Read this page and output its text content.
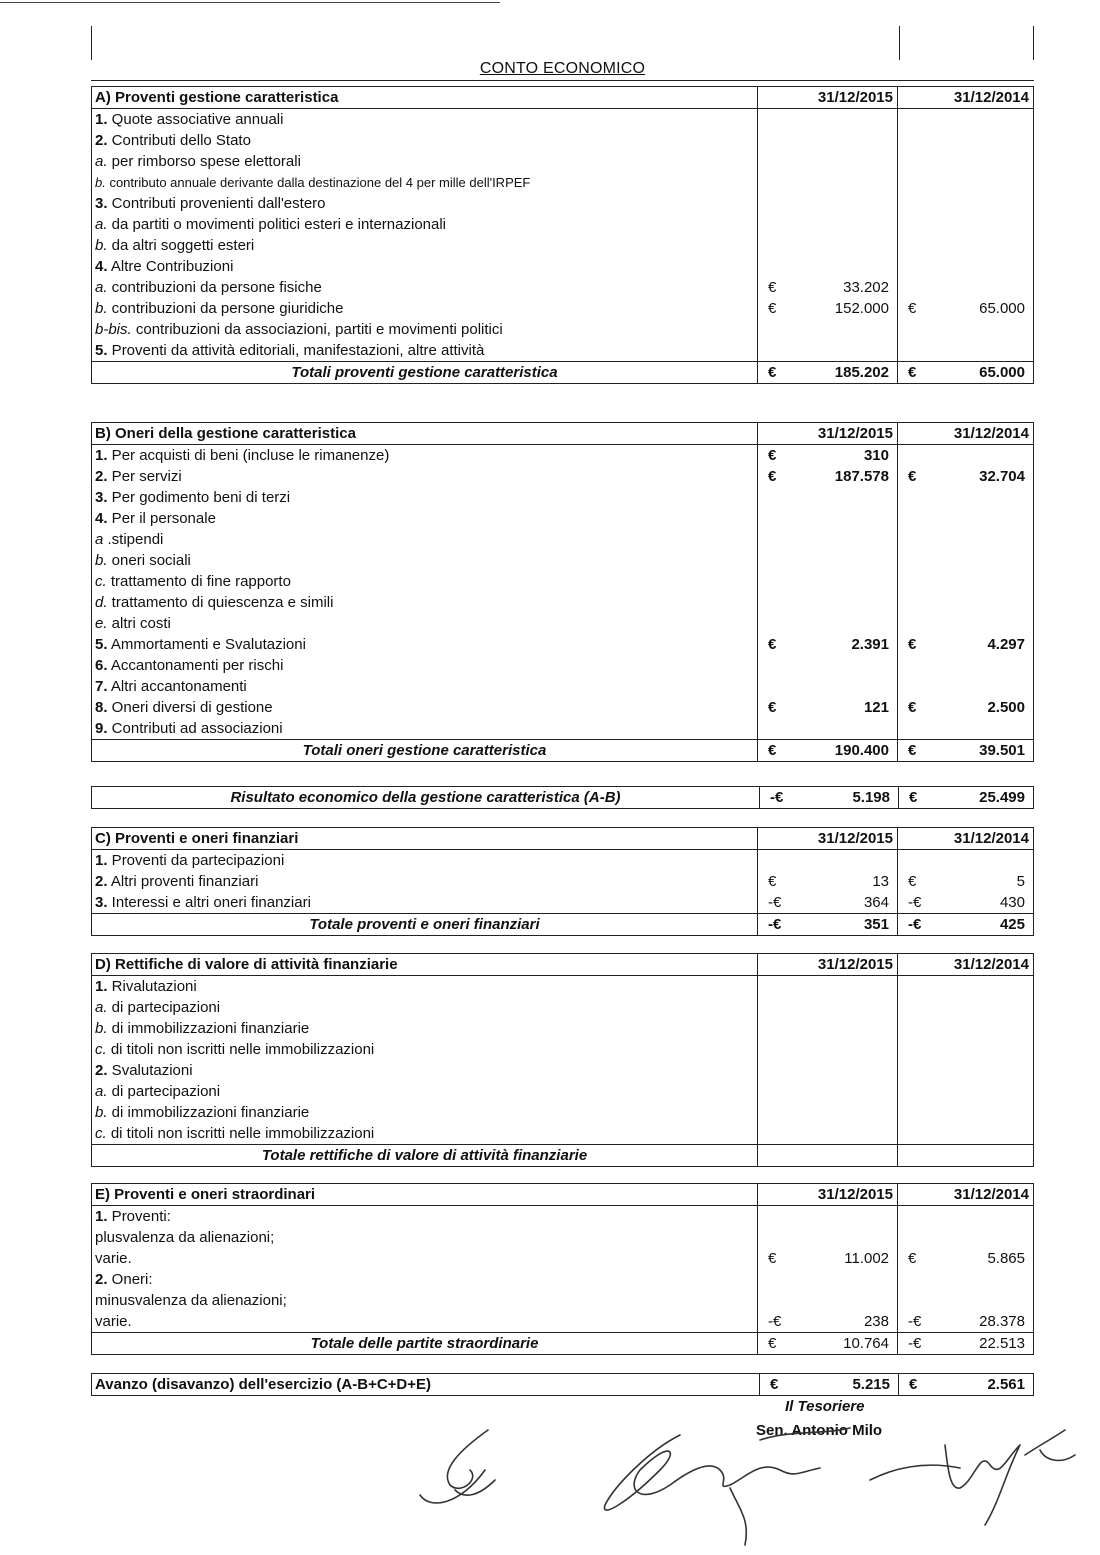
CONTO ECONOMICO
A) Proventi gestione caratteristica	31/12/2015	31/12/2014
1. Quote associative annuali		
2. Contributi dello Stato		
a. per rimborso spese elettorali		
b. contributo annuale derivante dalla destinazione del 4 per mille dell'IRPEF		
3. Contributi provenienti dall'estero		
a. da partiti o movimenti politici esteri e internazionali		
b. da altri soggetti esteri		
4. Altre Contribuzioni		
a. contribuzioni da persone fisiche	€ 33.202	

b. contribuzioni da persone giuridiche	€ 152.000	€ 65.000

b-bis. contribuzioni da associazioni, partiti e movimenti politici		
5. Proventi da attività editoriali, manifestazioni, altre attività		
Totali proventi gestione caratteristica	€ 185.202	€ 65.000
B) Oneri della gestione caratteristica	31/12/2015	31/12/2014
1. Per acquisti di beni (incluse le rimanenze)	€ 310	

2. Per servizi	€ 187.578	€ 32.704

3. Per godimento beni di terzi		
4. Per il personale		
a .stipendi		
b. oneri sociali		
c. trattamento di fine rapporto		
d. trattamento di quiescenza e simili		
e. altri costi		
5. Ammortamenti e Svalutazioni	€ 2.391	€ 4.297

6. Accantonamenti per rischi		
7. Altri accantonamenti		
8. Oneri diversi di gestione	€ 121	€ 2.500

9. Contributi ad associazioni		
Totali oneri gestione caratteristica	€ 190.400	€ 39.501
Risultato economico della gestione caratteristica (A-B)	-€	5.198	€	25.499
C) Proventi e oneri finanziari	31/12/2015	31/12/2014
1. Proventi da partecipazioni		
2. Altri proventi finanziari	€ 13	€ 5

3. Interessi e altri oneri finanziari	-€ 364	-€ 430

Totale proventi e oneri finanziari	-€ 351	-€ 425
D) Rettifiche di valore di attività finanziarie	31/12/2015	31/12/2014
1. Rivalutazioni		
a. di partecipazioni		
b. di immobilizzazioni finanziarie		
c. di titoli non iscritti nelle immobilizzazioni		
2. Svalutazioni		
a. di partecipazioni		
b. di immobilizzazioni finanziarie		
c. di titoli non iscritti nelle immobilizzazioni		
Totale rettifiche di valore di attività finanziarie		
E) Proventi e oneri straordinari	31/12/2015	31/12/2014
1. Proventi:		
plusvalenza da alienazioni;		
varie.	€ 11.002	€ 5.865

2. Oneri:		
minusvalenza da alienazioni;		
varie.	-€ 238	-€ 28.378

Totale delle partite straordinarie	€ 10.764	-€ 22.513
Avanzo (disavanzo) dell'esercizio (A-B+C+D+E)	€	5.215	€	2.561
Il Tesoriere
Sen. Antonio Milo
